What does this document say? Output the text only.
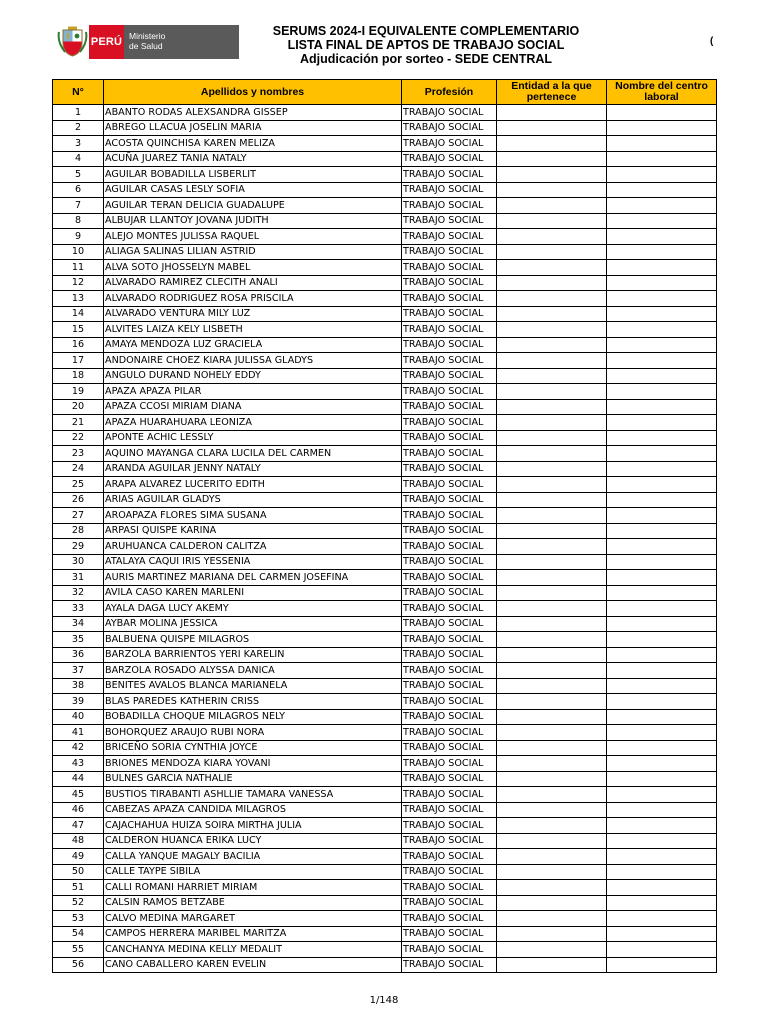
PERÚ Ministerio
de Salud
SERUMS 2024-I EQUIVALENTE COMPLEMENTARIO
LISTA FINAL DE APTOS DE TRABAJO SOCIAL
Adjudicación por sorteo - SEDE CENTRAL
(
N°	Apellidos y nombres	Profesión	Entidad a la que pertenece	Nombre del centro laboral
1	ABANTO RODAS ALEXSANDRA GISSEP	TRABAJO SOCIAL		
2	ABREGO LLACUA JOSELIN MARIA	TRABAJO SOCIAL		
3	ACOSTA QUINCHISA KAREN MELIZA	TRABAJO SOCIAL		
4	ACUÑA JUAREZ TANIA NATALY	TRABAJO SOCIAL		
5	AGUILAR BOBADILLA LISBERLIT	TRABAJO SOCIAL		
6	AGUILAR CASAS LESLY SOFIA	TRABAJO SOCIAL		
7	AGUILAR TERAN DELICIA GUADALUPE	TRABAJO SOCIAL		
8	ALBUJAR LLANTOY JOVANA JUDITH	TRABAJO SOCIAL		
9	ALEJO MONTES JULISSA RAQUEL	TRABAJO SOCIAL		
10	ALIAGA SALINAS LILIAN ASTRID	TRABAJO SOCIAL		
11	ALVA SOTO JHOSSELYN MABEL	TRABAJO SOCIAL		
12	ALVARADO RAMIREZ CLECITH ANALI	TRABAJO SOCIAL		
13	ALVARADO RODRIGUEZ ROSA PRISCILA	TRABAJO SOCIAL		
14	ALVARADO VENTURA MILY LUZ	TRABAJO SOCIAL		
15	ALVITES LAIZA KELY LISBETH	TRABAJO SOCIAL		
16	AMAYA MENDOZA LUZ GRACIELA	TRABAJO SOCIAL		
17	ANDONAIRE CHOEZ KIARA JULISSA GLADYS	TRABAJO SOCIAL		
18	ANGULO DURAND NOHELY EDDY	TRABAJO SOCIAL		
19	APAZA APAZA PILAR	TRABAJO SOCIAL		
20	APAZA CCOSI MIRIAM DIANA	TRABAJO SOCIAL		
21	APAZA HUARAHUARA LEONIZA	TRABAJO SOCIAL		
22	APONTE ACHIC LESSLY	TRABAJO SOCIAL		
23	AQUINO MAYANGA CLARA LUCILA DEL CARMEN	TRABAJO SOCIAL		
24	ARANDA AGUILAR JENNY NATALY	TRABAJO SOCIAL		
25	ARAPA ALVAREZ LUCERITO EDITH	TRABAJO SOCIAL		
26	ARIAS AGUILAR GLADYS	TRABAJO SOCIAL		
27	AROAPAZA FLORES SIMA SUSANA	TRABAJO SOCIAL		
28	ARPASI QUISPE KARINA	TRABAJO SOCIAL		
29	ARUHUANCA CALDERON CALITZA	TRABAJO SOCIAL		
30	ATALAYA CAQUI IRIS YESSENIA	TRABAJO SOCIAL		
31	AURIS MARTINEZ MARIANA DEL CARMEN JOSEFINA	TRABAJO SOCIAL		
32	AVILA CASO KAREN MARLENI	TRABAJO SOCIAL		
33	AYALA DAGA LUCY AKEMY	TRABAJO SOCIAL		
34	AYBAR MOLINA JESSICA	TRABAJO SOCIAL		
35	BALBUENA QUISPE MILAGROS	TRABAJO SOCIAL		
36	BARZOLA BARRIENTOS YERI KARELIN	TRABAJO SOCIAL		
37	BARZOLA ROSADO ALYSSA DANICA	TRABAJO SOCIAL		
38	BENITES AVALOS BLANCA MARIANELA	TRABAJO SOCIAL		
39	BLAS PAREDES KATHERIN CRISS	TRABAJO SOCIAL		
40	BOBADILLA CHOQUE MILAGROS NELY	TRABAJO SOCIAL		
41	BOHORQUEZ ARAUJO RUBI NORA	TRABAJO SOCIAL		
42	BRICEÑO SORIA CYNTHIA JOYCE	TRABAJO SOCIAL		
43	BRIONES MENDOZA KIARA YOVANI	TRABAJO SOCIAL		
44	BULNES GARCIA NATHALIE	TRABAJO SOCIAL		
45	BUSTIOS TIRABANTI ASHLLIE TAMARA VANESSA	TRABAJO SOCIAL		
46	CABEZAS APAZA CANDIDA MILAGROS	TRABAJO SOCIAL		
47	CAJACHAHUA HUIZA SOIRA MIRTHA JULIA	TRABAJO SOCIAL		
48	CALDERON HUANCA ERIKA LUCY	TRABAJO SOCIAL		
49	CALLA YANQUE MAGALY BACILIA	TRABAJO SOCIAL		
50	CALLE TAYPE SIBILA	TRABAJO SOCIAL		
51	CALLI ROMANI HARRIET MIRIAM	TRABAJO SOCIAL		
52	CALSIN RAMOS BETZABE	TRABAJO SOCIAL		
53	CALVO MEDINA MARGARET	TRABAJO SOCIAL		
54	CAMPOS HERRERA MARIBEL MARITZA	TRABAJO SOCIAL		
55	CANCHANYA MEDINA KELLY MEDALIT	TRABAJO SOCIAL		
56	CANO CABALLERO KAREN EVELIN	TRABAJO SOCIAL		
1/148
